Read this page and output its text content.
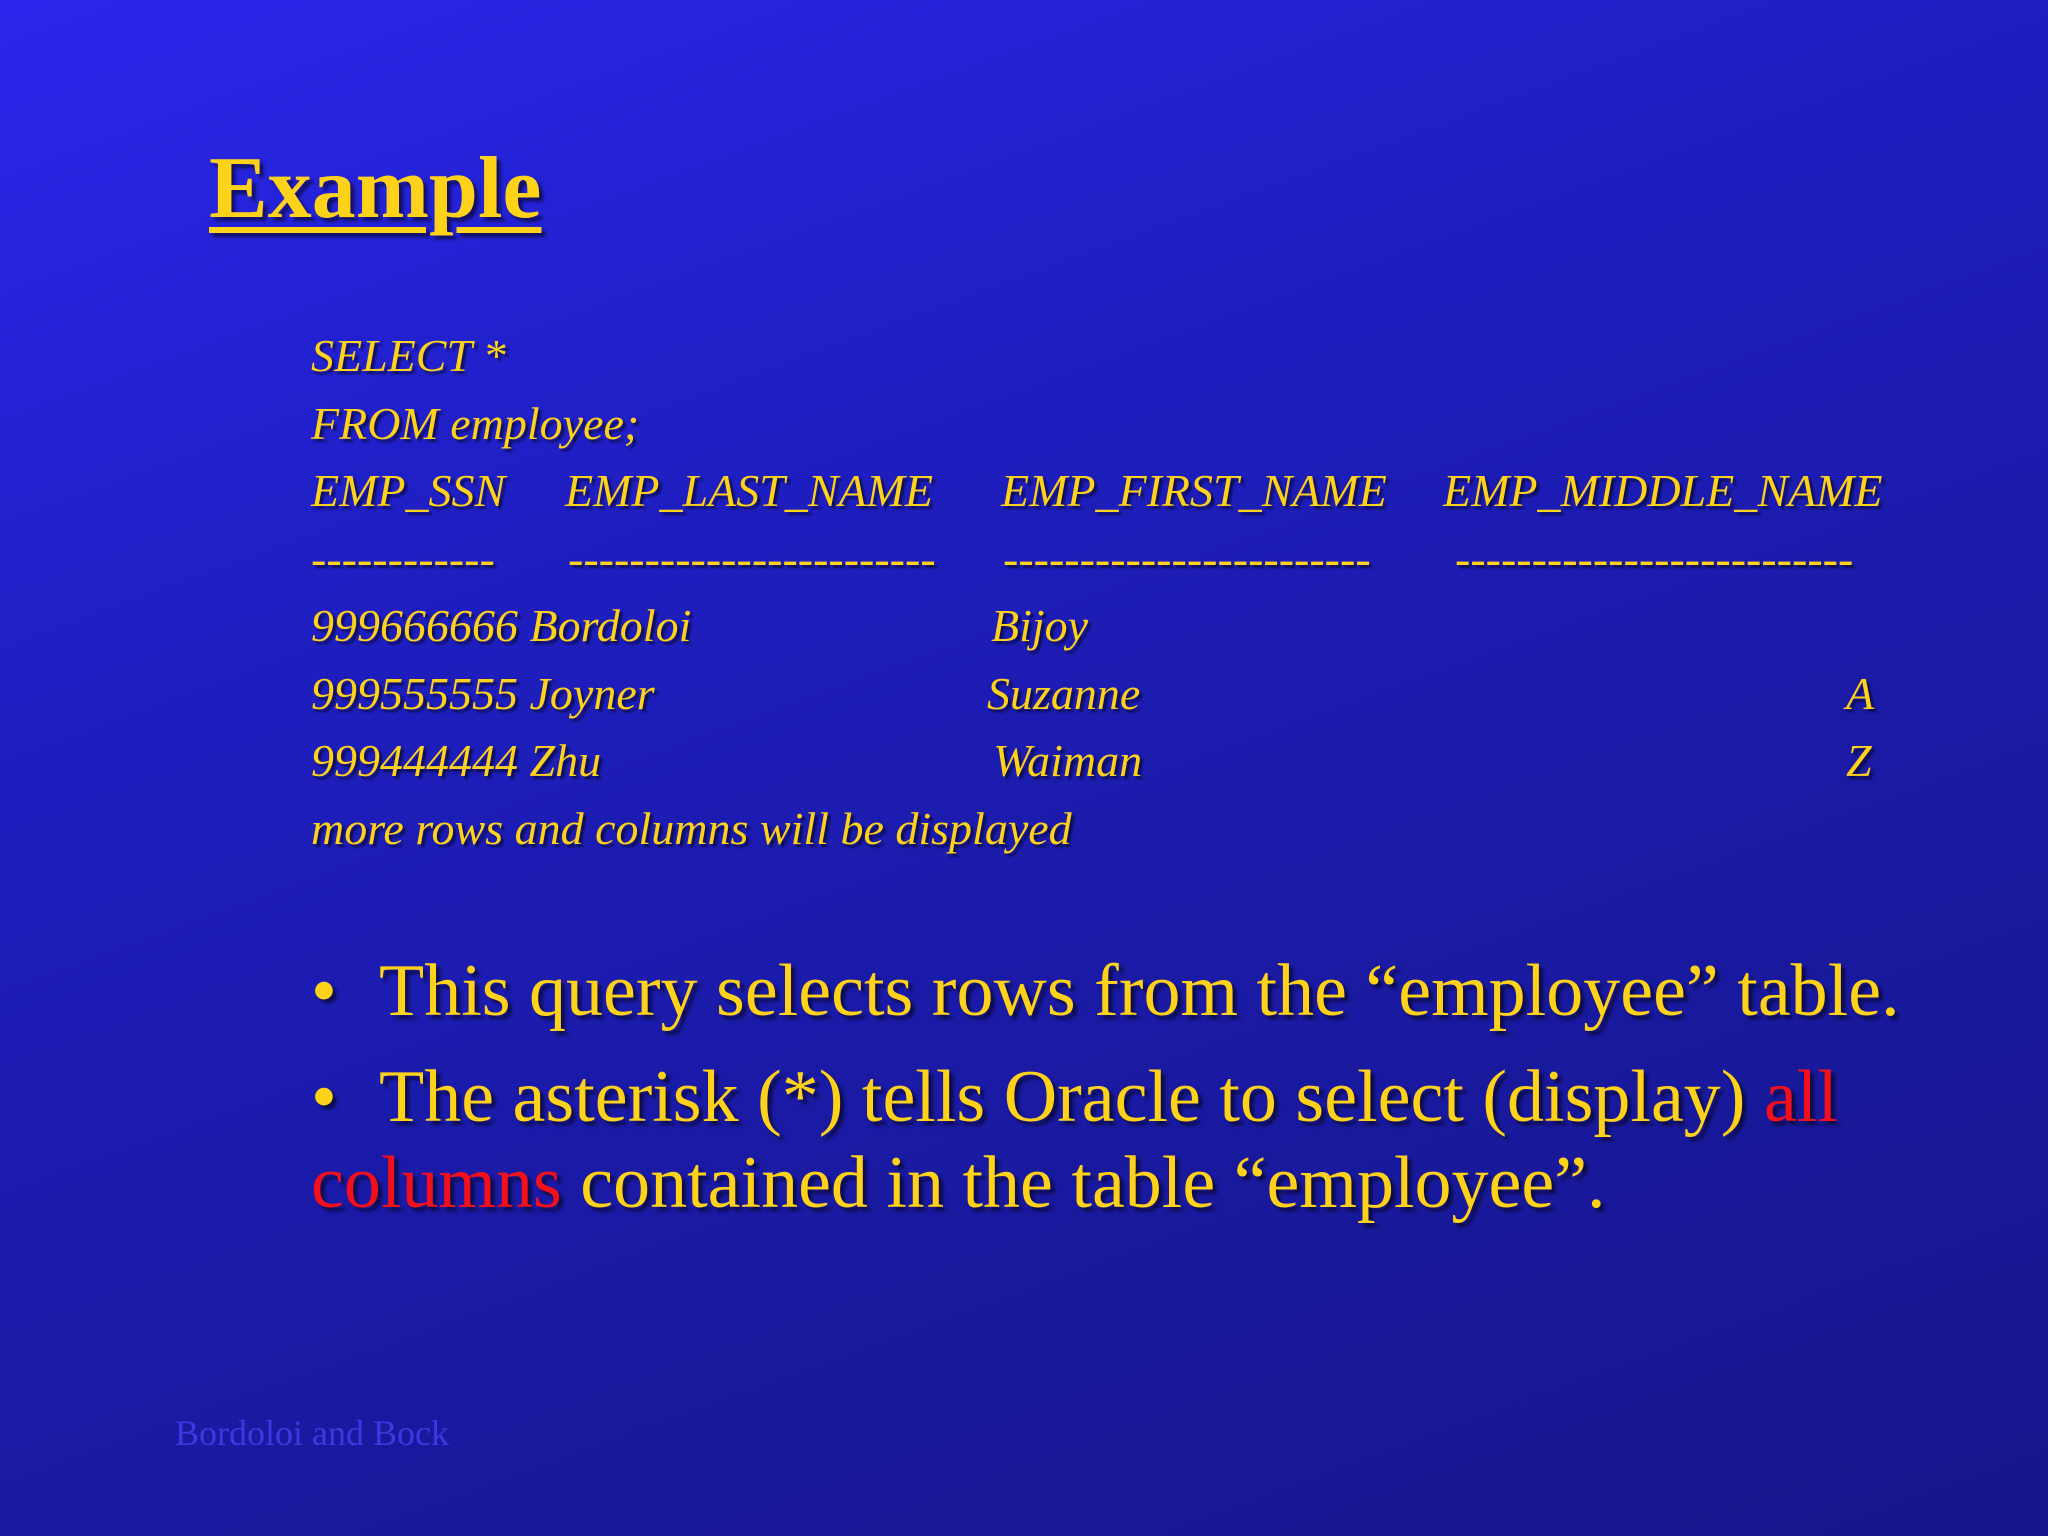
Example
SELECT *
FROM employee;
EMP_SSN EMP_LAST_NAME EMP_FIRST_NAME EMP_MIDDLE_NAME
------------ ------------------------ ------------------------ --------------------------
999666666 Bordoloi	Bijoy
999555555 Joyner	Suzanne	A
999444444 Zhu	Waiman	Z
more rows and columns will be displayed
• This query selects rows from the “employee” table.
• The asterisk (*) tells Oracle to select (display) all columns contained in the table “employee”.
Bordoloi and Bock
